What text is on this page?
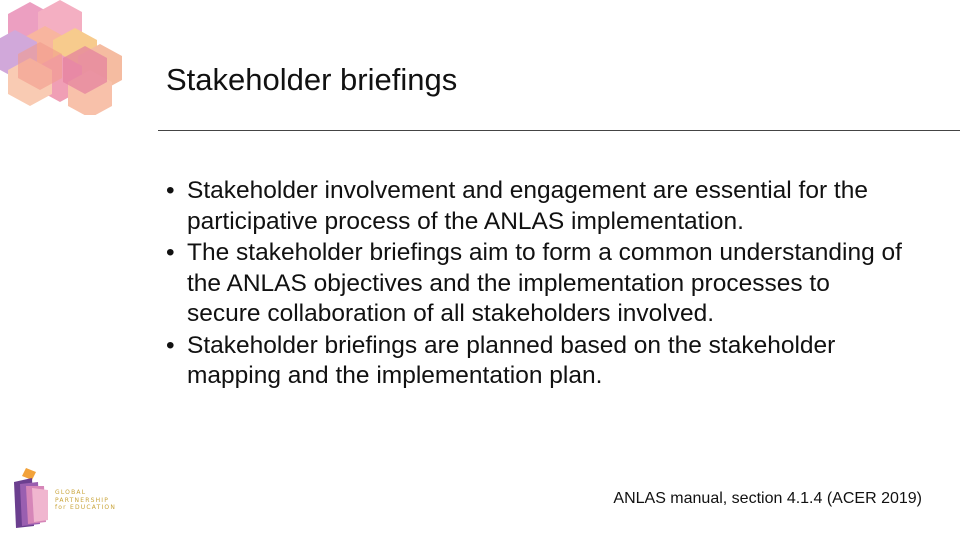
Stakeholder briefings
• Stakeholder involvement and engagement are essential for the participative process of the ANLAS implementation.
• The stakeholder briefings aim to form a common understanding of the ANLAS objectives and the implementation processes to secure collaboration of all stakeholders involved.
• Stakeholder briefings are planned based on the stakeholder mapping and the implementation plan.
ANLAS manual, section 4.1.4 (ACER 2019)
GLOBAL
PARTNERSHIP
for EDUCATION
